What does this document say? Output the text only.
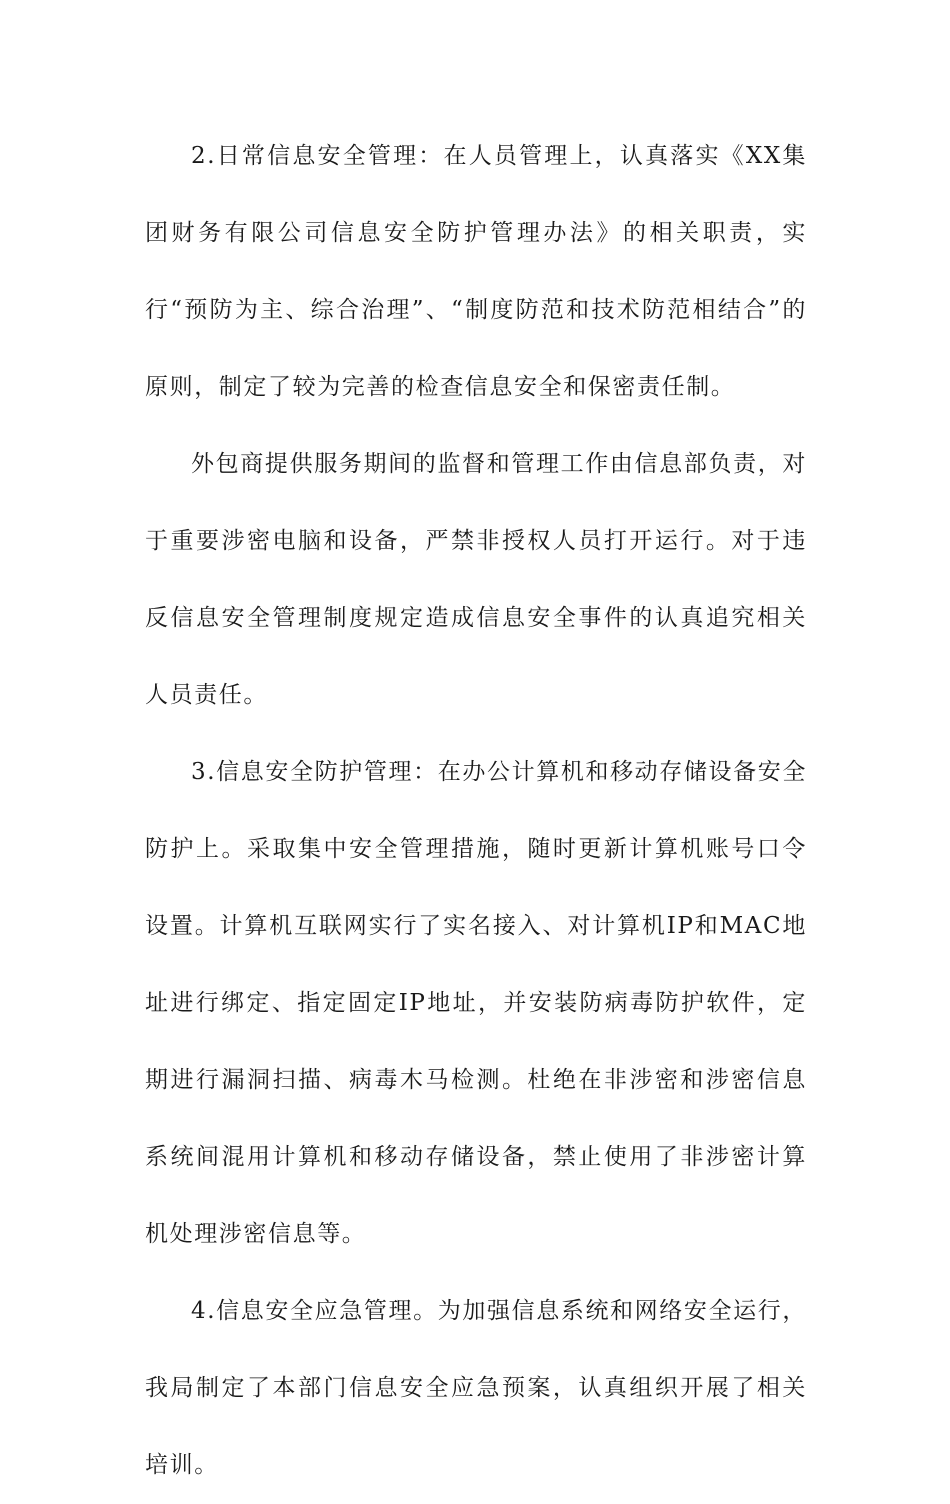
2.日常信息安全管理：在人员管理上，认真落实《XX集团财务有限公司信息安全防护管理办法》的相关职责，实行“预防为主、综合治理”、“制度防范和技术防范相结合”的原则，制定了较为完善的检查信息安全和保密责任制。

外包商提供服务期间的监督和管理工作由信息部负责，对于重要涉密电脑和设备，严禁非授权人员打开运行。对于违反信息安全管理制度规定造成信息安全事件的认真追究相关人员责任。

3.信息安全防护管理：在办公计算机和移动存储设备安全防护上。采取集中安全管理措施，随时更新计算机账号口令设置。计算机互联网实行了实名接入、对计算机IP和MAC地址进行绑定、指定固定IP地址，并安装防病毒防护软件，定期进行漏洞扫描、病毒木马检测。杜绝在非涉密和涉密信息系统间混用计算机和移动存储设备，禁止使用了非涉密计算机处理涉密信息等。

4.信息安全应急管理。为加强信息系统和网络安全运行，我局制定了本部门信息安全应急预案，认真组织开展了相关培训。
